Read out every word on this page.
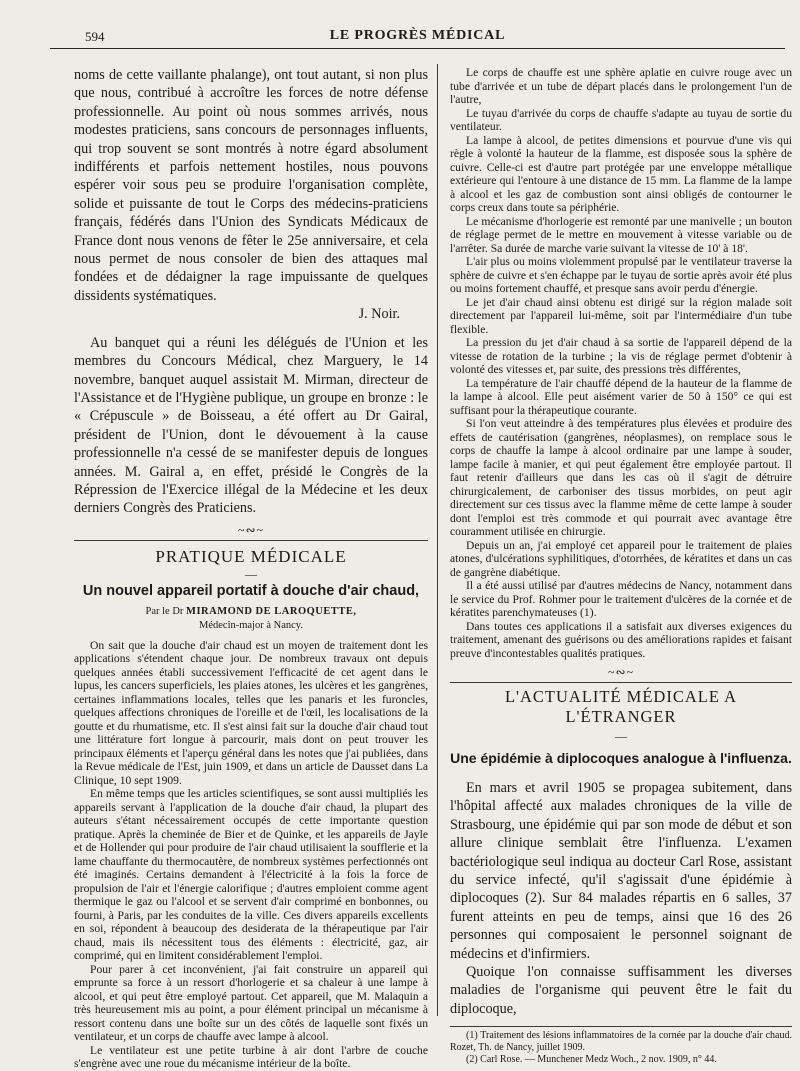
594	LE PROGRÈS MÉDICAL

noms de cette vaillante phalange), ont tout autant, si non plus que nous, contribué à accroître les forces de notre défense professionnelle. Au point où nous sommes arrivés, nous modestes praticiens, sans concours de personnages influents, qui trop souvent se sont montrés à notre égard absolument indifférents et parfois nettement hostiles, nous pouvons espérer voir sous peu se produire l'organisation complète, solide et puissante de tout le Corps des médecins-praticiens français, fédérés dans l'Union des Syndicats Médicaux de France dont nous venons de fêter le 25e anniversaire, et cela nous permet de nous consoler de bien des attaques mal fondées et de dédaigner la rage impuissante de quelques dissidents systématiques.

J. Noir.

Au banquet qui a réuni les délégués de l'Union et les membres du Concours Médical, chez Marguery, le 14 novembre, banquet auquel assistait M. Mirman, directeur de l'Assistance et de l'Hygiène publique, un groupe en bronze : le « Crépuscule » de Boisseau, a été offert au Dr Gairal, président de l'Union, dont le dévouement à la cause professionnelle n'a cessé de se manifester depuis de longues années. M. Gairal a, en effet, présidé le Congrès de la Répression de l'Exercice illégal de la Médecine et les deux derniers Congrès des Praticiens.

~∾~
PRATIQUE MÉDICALE
—
Un nouvel appareil portatif à douche d'air chaud,
Par le Dr MIRAMOND DE LAROQUETTE,
Médecin-major à Nancy.

On sait que la douche d'air chaud est un moyen de traitement dont les applications s'étendent chaque jour. De nombreux travaux ont depuis quelques années établi successivement l'efficacité de cet agent dans le lupus, les cancers superficiels, les plaies atones, les ulcères et les gangrènes, certaines inflammations locales, telles que les panaris et les furoncles, quelques affections chroniques de l'oreille et de l'œil, les localisations de la goutte et du rhumatisme, etc. Il s'est ainsi fait sur la douche d'air chaud tout une littérature fort longue à parcourir, mais dont on peut trouver les principaux éléments et l'aperçu général dans les notes que j'ai publiées, dans la Revue médicale de l'Est, juin 1909, et dans un article de Dausset dans La Clinique, 10 sept 1909.

En même temps que les articles scientifiques, se sont aussi multipliés les appareils servant à l'application de la douche d'air chaud, la plupart des auteurs s'étant nécessairement occupés de cette importante question pratique. Après la cheminée de Bier et de Quinke, et les appareils de Jayle et de Hollender qui pour produire de l'air chaud utilisaient la soufflerie et la lame chauffante du thermocautère, de nombreux systèmes perfectionnés ont été imaginés. Certains demandent à l'électricité à la fois la force de propulsion de l'air et l'énergie calorifique ; d'autres emploient comme agent thermique le gaz ou l'alcool et se servent d'air comprimé en bonbonnes, ou fourni, à Paris, par les conduites de la ville. Ces divers appareils excellents en soi, répondent à beaucoup des desiderata de la thérapeutique par l'air chaud, mais ils nécessitent tous des éléments : électricité, gaz, air comprimé, qui en limitent considérablement l'emploi.

Pour parer à cet inconvénient, j'ai fait construire un appareil qui emprunte sa force à un ressort d'horlogerie et sa chaleur à une lampe à alcool, et qui peut être employé partout. Cet appareil, que M. Malaquin a très heureusement mis au point, a pour élément principal un mécanisme à ressort contenu dans une boîte sur un des côtés de laquelle sont fixés un ventilateur, et un corps de chauffe avec lampe à alcool.

Le ventilateur est une petite turbine à air dont l'arbre de couche s'engrène avec une roue du mécanisme intérieur de la boîte.

Le corps de chauffe est une sphère aplatie en cuivre rouge avec un tube d'arrivée et un tube de départ placés dans le prolongement l'un de l'autre,

Le tuyau d'arrivée du corps de chauffe s'adapte au tuyau de sortie du ventilateur.

La lampe à alcool, de petites dimensions et pourvue d'une vis qui règle à volonté la hauteur de la flamme, est disposée sous la sphère de cuivre. Celle-ci est d'autre part protégée par une enveloppe métallique extérieure qui l'entoure à une distance de 15 mm. La flamme de la lampe à alcool et les gaz de combustion sont ainsi obligés de contourner le corps creux dans toute sa périphérie.

Le mécanisme d'horlogerie est remonté par une manivelle ; un bouton de réglage permet de le mettre en mouvement à vitesse variable ou de l'arrêter. Sa durée de marche varie suivant la vitesse de 10' à 18'.

L'air plus ou moins violemment propulsé par le ventilateur traverse la sphère de cuivre et s'en échappe par le tuyau de sortie après avoir été plus ou moins fortement chauffé, et presque sans avoir perdu d'énergie.

Le jet d'air chaud ainsi obtenu est dirigé sur la région malade soit directement par l'appareil lui-même, soit par l'intermédiaire d'un tube flexible.

La pression du jet d'air chaud à sa sortie de l'appareil dépend de la vitesse de rotation de la turbine ; la vis de réglage permet d'obtenir à volonté des vitesses et, par suite, des pressions très différentes,

La température de l'air chauffé dépend de la hauteur de la flamme de la lampe à alcool. Elle peut aisément varier de 50 à 150° ce qui est suffisant pour la thérapeutique courante.

Si l'on veut atteindre à des températures plus élevées et produire des effets de cautérisation (gangrènes, néoplasmes), on remplace sous le corps de chauffe la lampe à alcool ordinaire par une lampe à souder, lampe facile à manier, et qui peut également être employée partout. Il faut retenir d'ailleurs que dans les cas où il s'agit de détruire chirurgicalement, de carboniser des tissus morbides, on peut agir directement sur ces tissus avec la flamme même de cette lampe à souder dont l'emploi est très commode et qui pourrait avec avantage être couramment utilisée en chirurgie.

Depuis un an, j'ai employé cet appareil pour le traitement de plaies atones, d'ulcérations syphilitiques, d'otorrhées, de kératites et dans un cas de gangrène diabétique.

Il a été aussi utilisé par d'autres médecins de Nancy, notamment dans le service du Prof. Rohmer pour le traitement d'ulcères de la cornée et de kératites parenchymateuses (1).

Dans toutes ces applications il a satisfait aux diverses exigences du traitement, amenant des guérisons ou des améliorations rapides et faisant preuve d'incontestables qualités pratiques.

~∾~
L'ACTUALITÉ MÉDICALE A L'ÉTRANGER
—
Une épidémie à diplocoques analogue à l'influenza.

En mars et avril 1905 se propagea subitement, dans l'hôpital affecté aux malades chroniques de la ville de Strasbourg, une épidémie qui par son mode de début et son allure clinique semblait être l'influenza. L'examen bactériologique seul indiqua au docteur Carl Rose, assistant du service infecté, qu'il s'agissait d'une épidémie à diplocoques (2). Sur 84 malades répartis en 6 salles, 37 furent atteints en peu de temps, ainsi que 16 des 26 personnes qui composaient le personnel soignant de médecins et d'infirmiers.

Quoique l'on connaisse suffisamment les diverses maladies de l'organisme qui peuvent être le fait du diplocoque,

(1) Traitement des lésions inflammatoires de la cornée par la douche d'air chaud. Rozet, Th. de Nancy, juillet 1909.

(2) Carl Rose. — Munchener Medz Woch., 2 nov. 1909, n° 44.
